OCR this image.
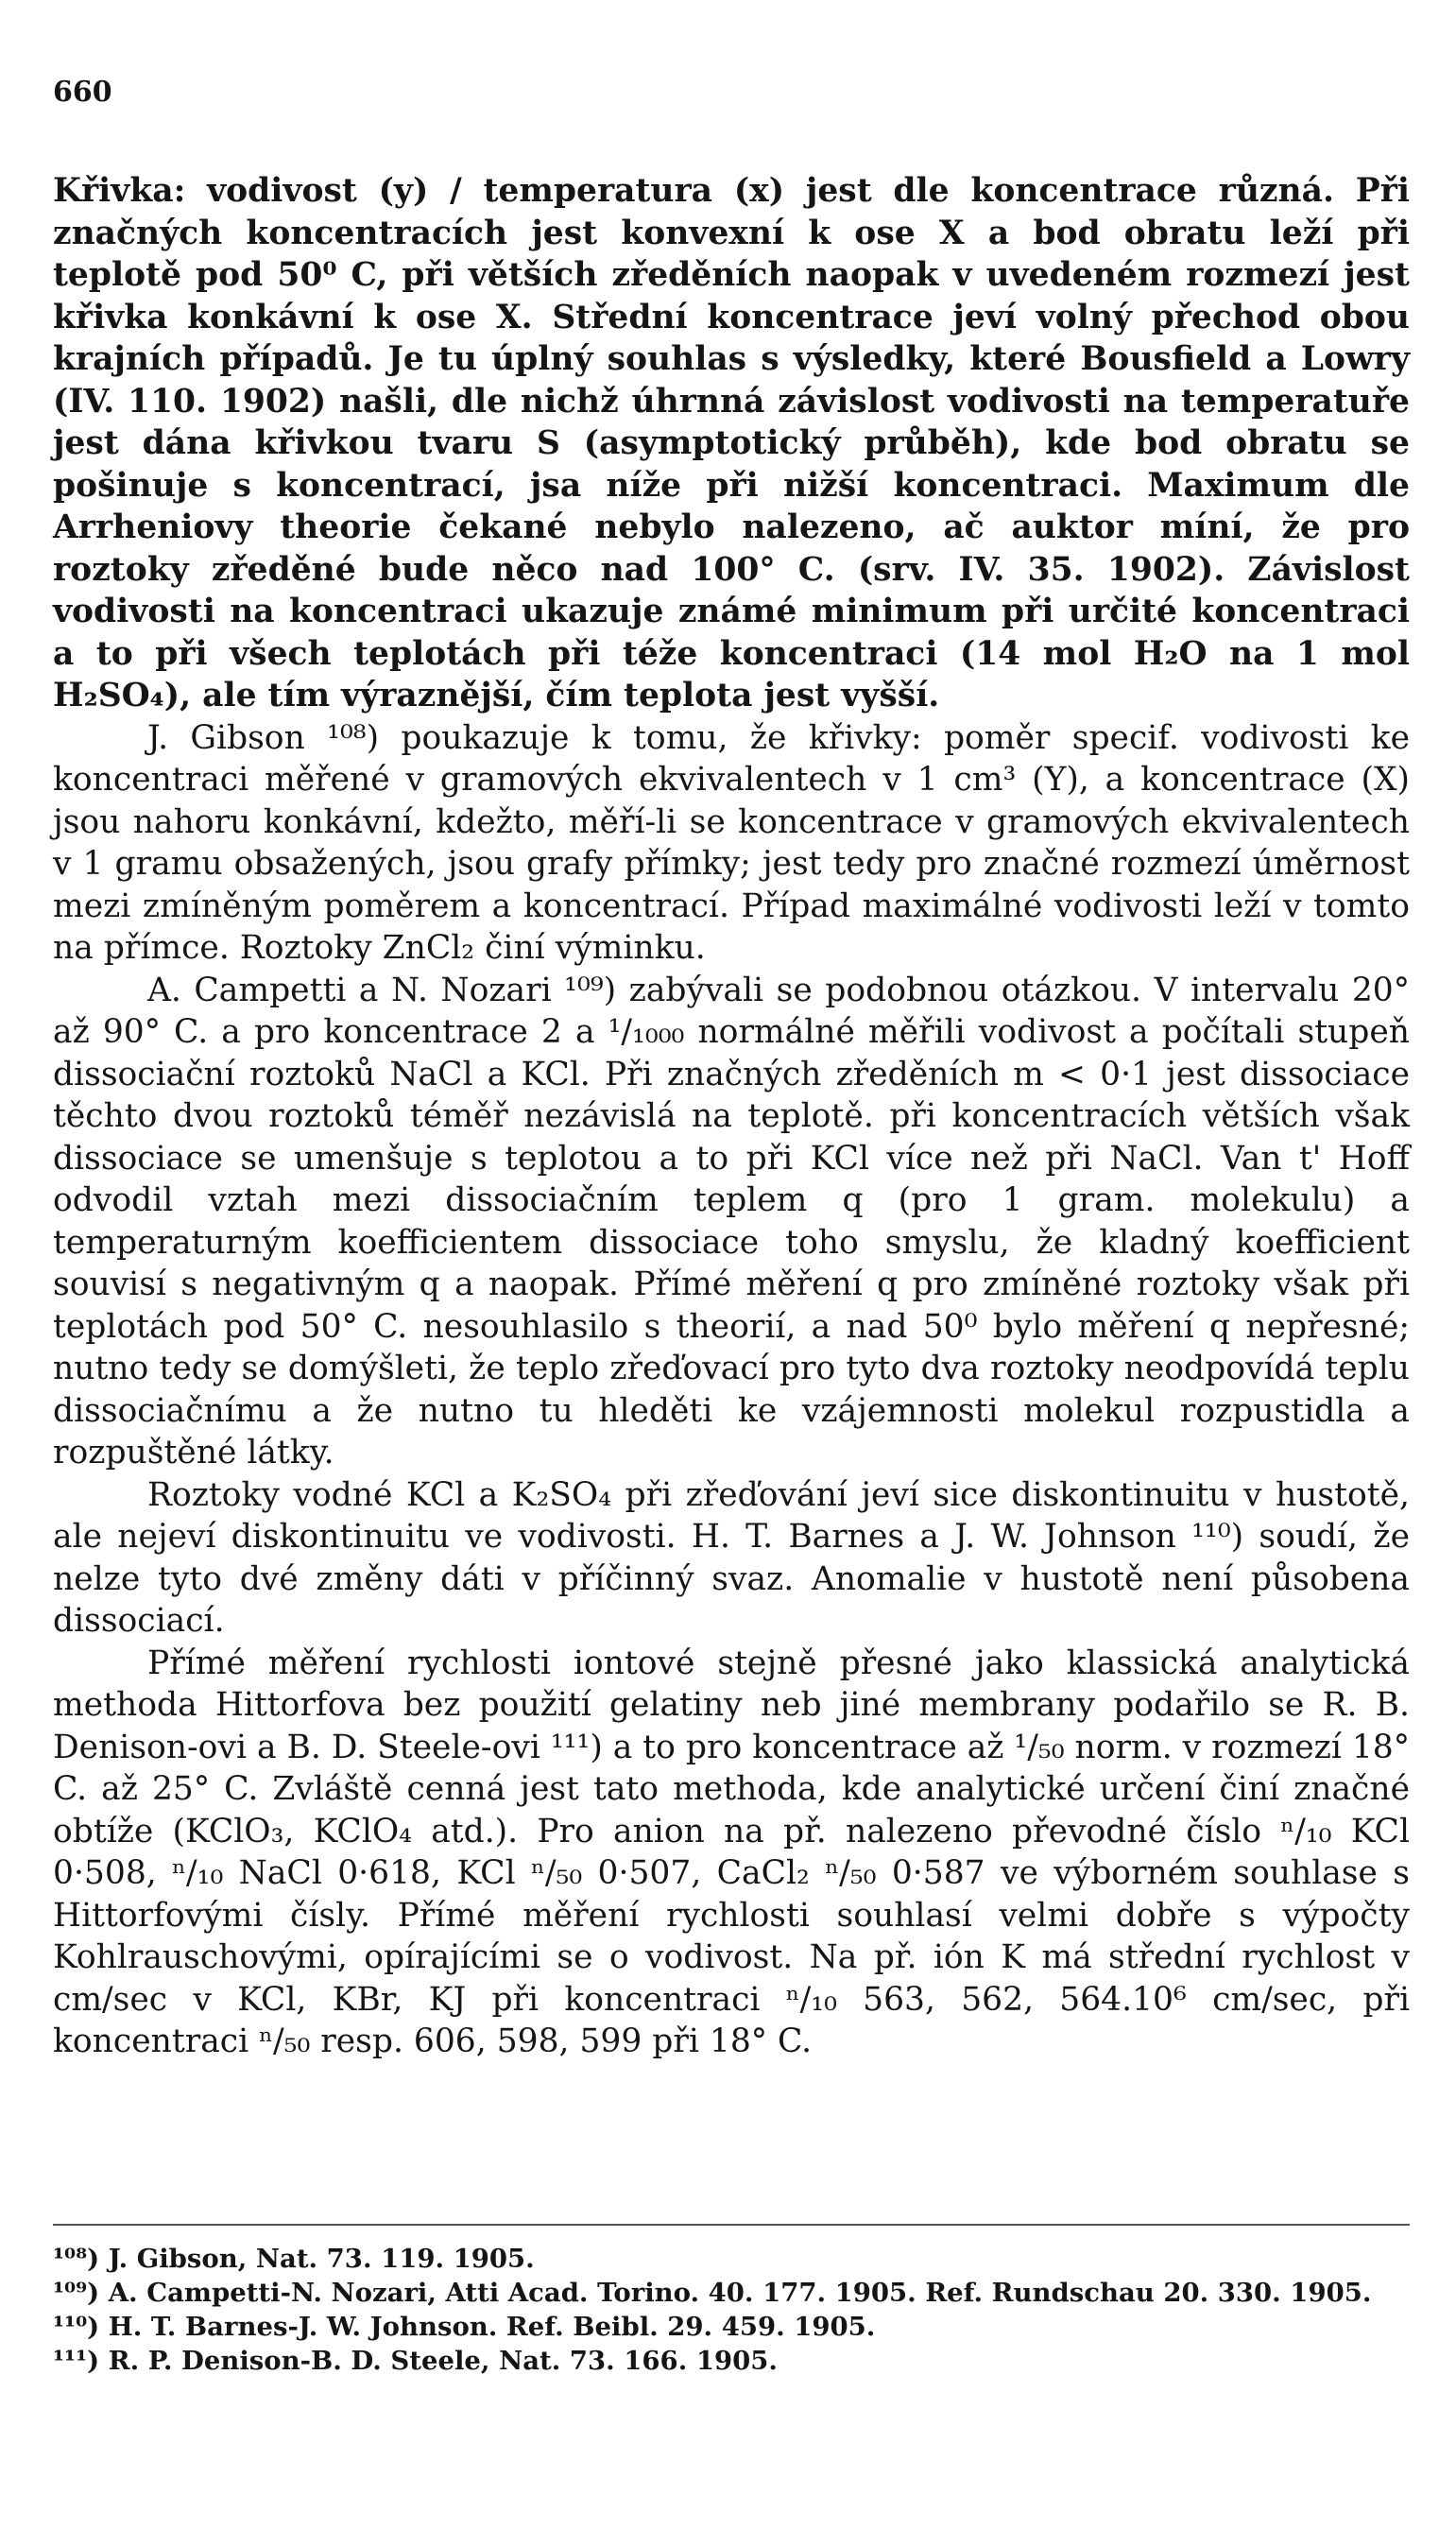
660

Křivka: vodivost (y) / temperatura (x) jest dle koncentrace různá. Při značných koncentracích jest konvexní k ose X a bod obratu leží při teplotě pod 50⁰ C, při větších zředěních naopak v uvedeném rozmezí jest křivka konkávní k ose X. Střední koncentrace jeví volný přechod obou krajních případů. Je tu úplný souhlas s výsledky, které Bousfield a Lowry (IV. 110. 1902) našli, dle nichž úhrnná závislost vodivosti na temperatuře jest dána křivkou tvaru S (asymptotický průběh), kde bod obratu se pošinuje s koncentrací, jsa níže při nižší koncentraci. Maximum dle Arrheniovy theorie čekané nebylo nalezeno, ač auktor míní, že pro roztoky zředěné bude něco nad 100° C. (srv. IV. 35. 1902). Závislost vodivosti na koncentraci ukazuje známé minimum při určité koncentraci a to při všech teplotách při téže koncentraci (14 mol H₂O na 1 mol H₂SO₄), ale tím výraznější, čím teplota jest vyšší.

J. Gibson ¹⁰⁸) poukazuje k tomu, že křivky: poměr specif. vodivosti ke koncentraci měřené v gramových ekvivalentech v 1 cm³ (Y), a koncentrace (X) jsou nahoru konkávní, kdežto, měří-li se koncentrace v gramových ekvivalentech v 1 gramu obsažených, jsou grafy přímky; jest tedy pro značné rozmezí úměrnost mezi zmíněným poměrem a koncentrací. Případ maximálné vodivosti leží v tomto na přímce. Roztoky ZnCl₂ činí výminku.

A. Campetti a N. Nozari ¹⁰⁹) zabývali se podobnou otázkou. V intervalu 20° až 90° C. a pro koncentrace 2 a ¹/₁₀₀₀ normálné měřili vodivost a počítali stupeň dissociační roztoků NaCl a KCl. Při značných zředěních m < 0·1 jest dissociace těchto dvou roztoků téměř nezávislá na teplotě. při koncentracích větších však dissociace se umenšuje s teplotou a to při KCl více než při NaCl. Van t' Hoff odvodil vztah mezi dissociačním teplem q (pro 1 gram. molekulu) a temperaturným koefficientem dissociace toho smyslu, že kladný koefficient souvisí s negativným q a naopak. Přímé měření q pro zmíněné roztoky však při teplotách pod 50° C. nesouhlasilo s theorií, a nad 50⁰ bylo měření q nepřesné; nutno tedy se domýšleti, že teplo zřeďovací pro tyto dva roztoky neodpovídá teplu dissociačnímu a že nutno tu hleděti ke vzájemnosti molekul rozpustidla a rozpuštěné látky.

Roztoky vodné KCl a K₂SO₄ při zřeďování jeví sice diskontinuitu v hustotě, ale nejeví diskontinuitu ve vodivosti. H. T. Barnes a J. W. Johnson ¹¹⁰) soudí, že nelze tyto dvé změny dáti v příčinný svaz. Anomalie v hustotě není působena dissociací.

Přímé měření rychlosti iontové stejně přesné jako klassická analytická methoda Hittorfova bez použití gelatiny neb jiné membrany podařilo se R. B. Denison-ovi a B. D. Steele-ovi ¹¹¹) a to pro koncentrace až ¹/₅₀ norm. v rozmezí 18° C. až 25° C. Zvláště cenná jest tato methoda, kde analytické určení činí značné obtíže (KClO₃, KClO₄ atd.). Pro anion na př. nalezeno převodné číslo ⁿ/₁₀ KCl 0·508, ⁿ/₁₀ NaCl 0·618, KCl ⁿ/₅₀ 0·507, CaCl₂ ⁿ/₅₀ 0·587 ve výborném souhlase s Hittorfovými čísly. Přímé měření rychlosti souhlasí velmi dobře s výpočty Kohlrauschovými, opírajícími se o vodivost. Na př. ión K má střední rychlost v cm/sec v KCl, KBr, KJ při koncentraci ⁿ/₁₀ 563, 562, 564.10⁶ cm/sec, při koncentraci ⁿ/₅₀ resp. 606, 598, 599 při 18° C.

¹⁰⁸) J. Gibson, Nat. 73. 119. 1905.

¹⁰⁹) A. Campetti-N. Nozari, Atti Acad. Torino. 40. 177. 1905. Ref. Rundschau 20. 330. 1905.

¹¹⁰) H. T. Barnes-J. W. Johnson. Ref. Beibl. 29. 459. 1905.

¹¹¹) R. P. Denison-B. D. Steele, Nat. 73. 166. 1905.
